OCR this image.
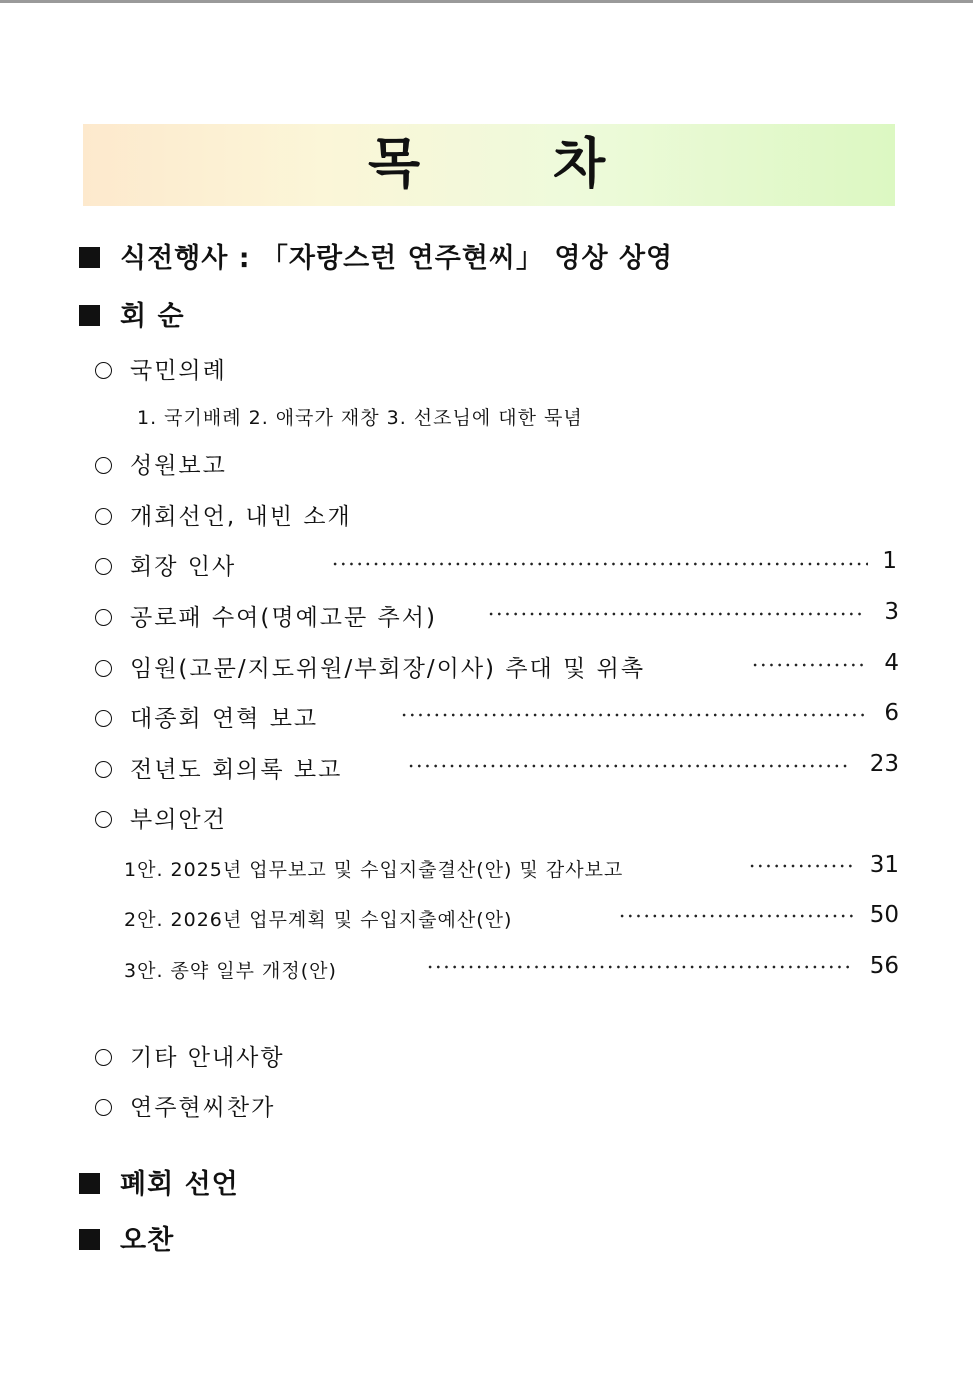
목 차
식전행사 : 「자랑스런 연주현씨」 영상 상영
회 순
국민의례
1. 국기배례 2. 애국가 재창 3. 선조님에 대한 묵념
성원보고
개회선언, 내빈 소개
회장 인사	1
공로패 수여(명예고문 추서)	3
임원(고문/지도위원/부회장/이사) 추대 및 위촉	4
대종회 연혁 보고	6
전년도 회의록 보고	23
부의안건
1안. 2025년 업무보고 및 수입지출결산(안) 및 감사보고	31
2안. 2026년 업무계획 및 수입지출예산(안)	50
3안. 종약 일부 개정(안)	56
기타 안내사항
연주현씨찬가
폐회 선언
오찬
